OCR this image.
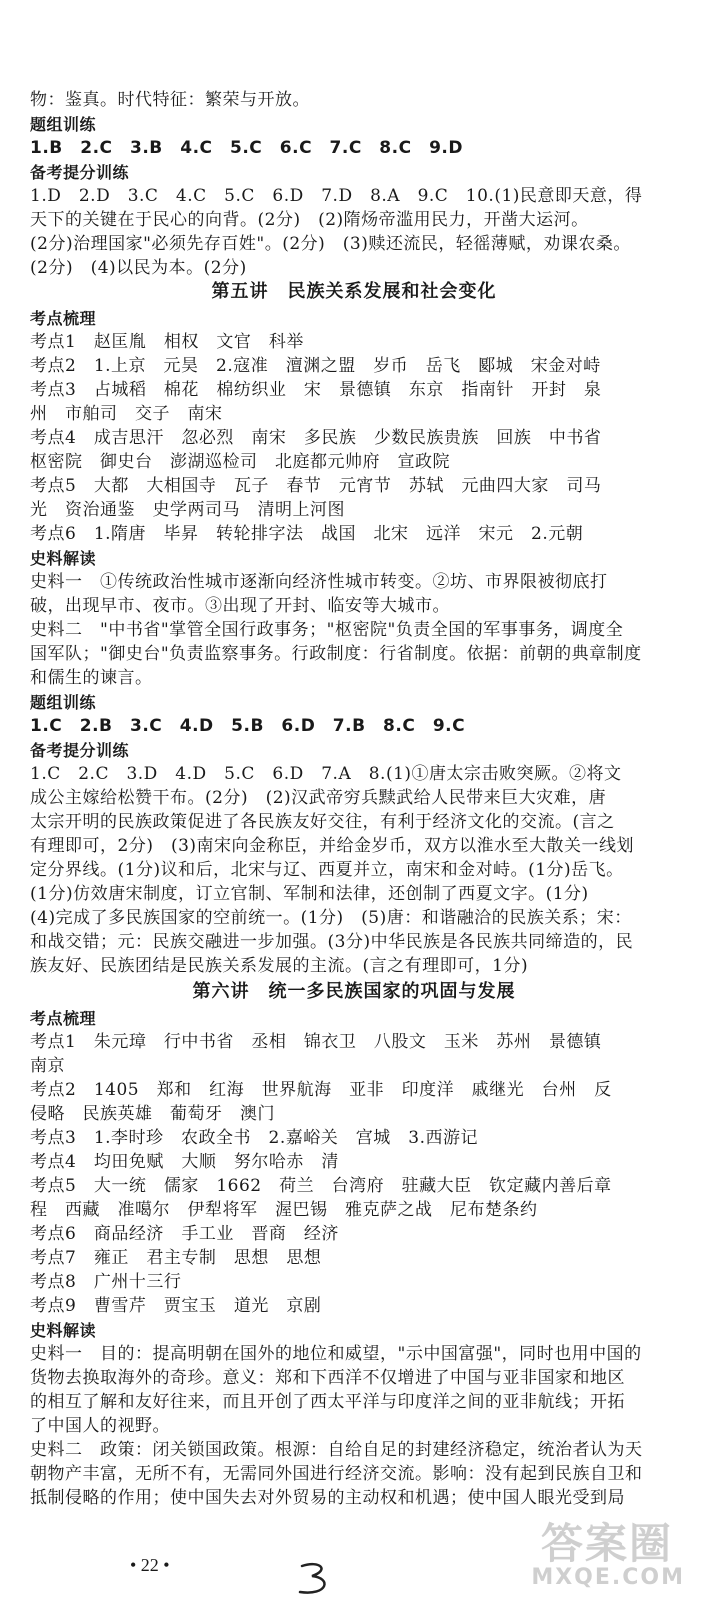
物：鉴真。时代特征：繁荣与开放。
题组训练
1.B　2.C　3.B　4.C　5.C　6.C　7.C　8.C　9.D
备考提分训练
1.D　2.D　3.C　4.C　5.C　6.D　7.D　8.A　9.C　10.(1)民意即天意，得
天下的关键在于民心的向背。(2分)　(2)隋炀帝滥用民力，开凿大运河。
(2分)治理国家"必须先存百姓"。(2分)　(3)赎还流民，轻徭薄赋，劝课农桑。
(2分)　(4)以民为本。(2分)
第五讲　民族关系发展和社会变化
考点梳理
考点1　赵匡胤　相权　文官　科举
考点2　1.上京　元昊　2.寇准　澶渊之盟　岁币　岳飞　郾城　宋金对峙
考点3　占城稻　棉花　棉纺织业　宋　景德镇　东京　指南针　开封　泉
州　市舶司　交子　南宋
考点4　成吉思汗　忽必烈　南宋　多民族　少数民族贵族　回族　中书省
枢密院　御史台　澎湖巡检司　北庭都元帅府　宣政院
考点5　大都　大相国寺　瓦子　春节　元宵节　苏轼　元曲四大家　司马
光　资治通鉴　史学两司马　清明上河图
考点6　1.隋唐　毕昇　转轮排字法　战国　北宋　远洋　宋元　2.元朝
史料解读
史料一　①传统政治性城市逐渐向经济性城市转变。②坊、市界限被彻底打
破，出现早市、夜市。③出现了开封、临安等大城市。
史料二　"中书省"掌管全国行政事务；"枢密院"负责全国的军事事务，调度全
国军队；"御史台"负责监察事务。行政制度：行省制度。依据：前朝的典章制度
和儒生的谏言。
题组训练
1.C　2.B　3.C　4.D　5.B　6.D　7.B　8.C　9.C
备考提分训练
1.C　2.C　3.D　4.D　5.C　6.D　7.A　8.(1)①唐太宗击败突厥。②将文
成公主嫁给松赞干布。(2分)　(2)汉武帝穷兵黩武给人民带来巨大灾难，唐
太宗开明的民族政策促进了各民族友好交往，有利于经济文化的交流。(言之
有理即可，2分)　(3)南宋向金称臣，并给金岁币，双方以淮水至大散关一线划
定分界线。(1分)议和后，北宋与辽、西夏并立，南宋和金对峙。(1分)岳飞。
(1分)仿效唐宋制度，订立官制、军制和法律，还创制了西夏文字。(1分)
(4)完成了多民族国家的空前统一。(1分)　(5)唐：和谐融洽的民族关系；宋：
和战交错；元：民族交融进一步加强。(3分)中华民族是各民族共同缔造的，民
族友好、民族团结是民族关系发展的主流。(言之有理即可，1分)
第六讲　统一多民族国家的巩固与发展
考点梳理
考点1　朱元璋　行中书省　丞相　锦衣卫　八股文　玉米　苏州　景德镇
南京
考点2　1405　郑和　红海　世界航海　亚非　印度洋　戚继光　台州　反
侵略　民族英雄　葡萄牙　澳门
考点3　1.李时珍　农政全书　2.嘉峪关　宫城　3.西游记
考点4　均田免赋　大顺　努尔哈赤　清
考点5　大一统　儒家　1662　荷兰　台湾府　驻藏大臣　钦定藏内善后章
程　西藏　准噶尔　伊犁将军　渥巴锡　雅克萨之战　尼布楚条约
考点6　商品经济　手工业　晋商　经济
考点7　雍正　君主专制　思想　思想
考点8　广州十三行
考点9　曹雪芹　贾宝玉　道光　京剧
史料解读
史料一　目的：提高明朝在国外的地位和威望，"示中国富强"，同时也用中国的
货物去换取海外的奇珍。意义：郑和下西洋不仅增进了中国与亚非国家和地区
的相互了解和友好往来，而且开创了西太平洋与印度洋之间的亚非航线；开拓
了中国人的视野。
史料二　政策：闭关锁国政策。根源：自给自足的封建经济稳定，统治者认为天
朝物产丰富，无所不有，无需同外国进行经济交流。影响：没有起到民族自卫和
抵制侵略的作用；使中国失去对外贸易的主动权和机遇；使中国人眼光受到局
• 22 •	答案圈
MXQE.COM
